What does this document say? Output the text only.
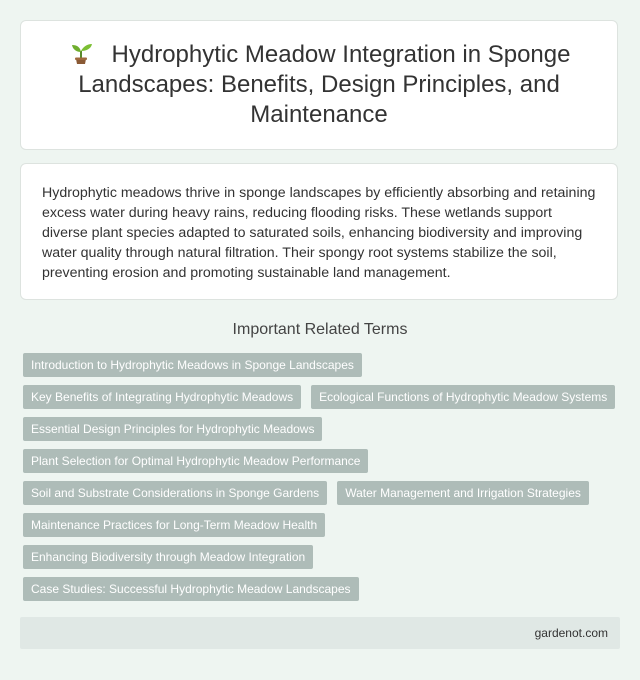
Hydrophytic Meadow Integration in Sponge Landscapes: Benefits, Design Principles, and Maintenance

Hydrophytic meadows thrive in sponge landscapes by efficiently absorbing and retaining excess water during heavy rains, reducing flooding risks. These wetlands support diverse plant species adapted to saturated soils, enhancing biodiversity and improving water quality through natural filtration. Their spongy root systems stabilize the soil, preventing erosion and promoting sustainable land management.

Important Related Terms
Introduction to Hydrophytic Meadows in Sponge Landscapes
Key Benefits of Integrating Hydrophytic Meadows	Ecological Functions of Hydrophytic Meadow Systems
Essential Design Principles for Hydrophytic Meadows
Plant Selection for Optimal Hydrophytic Meadow Performance
Soil and Substrate Considerations in Sponge Gardens	Water Management and Irrigation Strategies
Maintenance Practices for Long-Term Meadow Health
Enhancing Biodiversity through Meadow Integration
Case Studies: Successful Hydrophytic Meadow Landscapes
gardenot.com
